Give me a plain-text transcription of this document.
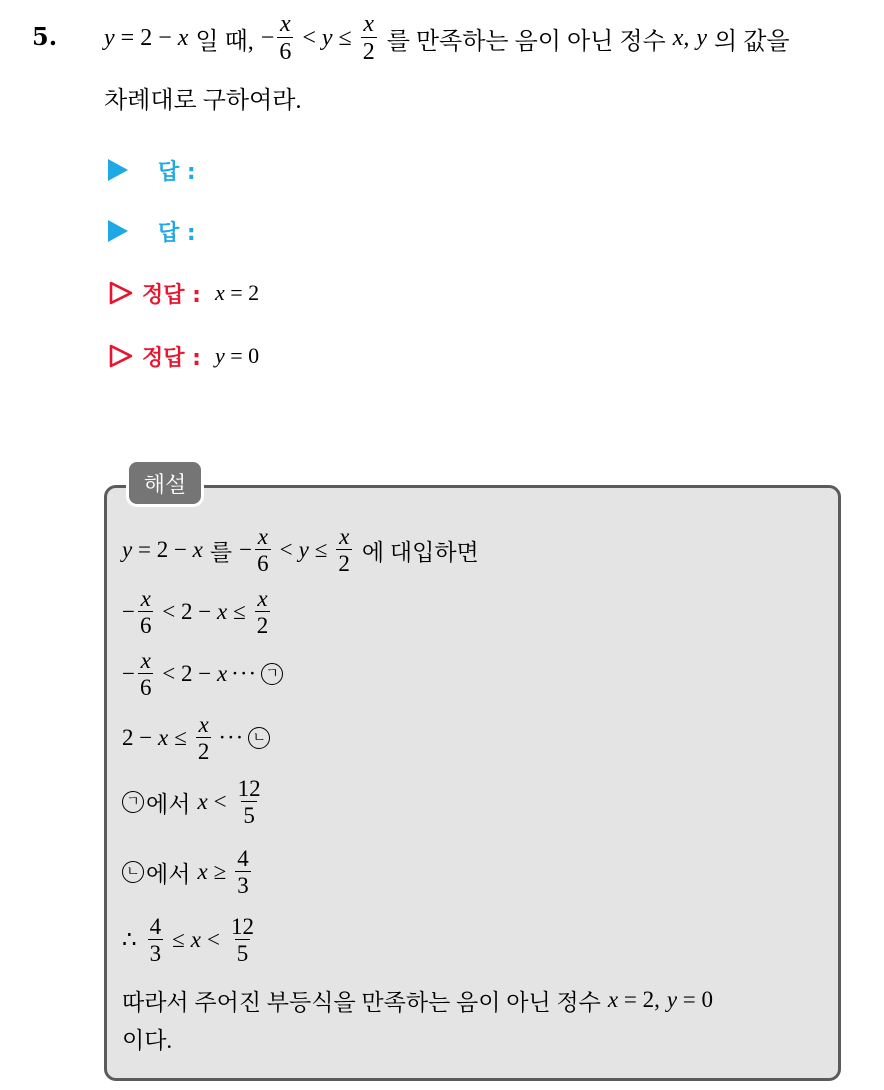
5. y = 2 − x 일 때, − $\frac{x}{6} < y \le \frac{x}{2}$ 를 만족하는 음이 아닌 정수 x, y 의 값을
차례대로 구하여라.
답 :
답 :
정답 : x = 2
정답 : y = 0
해설
y = 2 − x 를 − $\frac{x}{6} < y \le \frac{x}{2}$ 에 대입하면
− $\frac{x}{6} < 2 - x \le \frac{x}{2}$
− $\frac{x}{6} < 2 - x$ ··· ㄱ
$2 - x \le \frac{x}{2}$ ··· ㄴ
ㄱ 에서 $x < \frac{12}{5}$
ㄴ 에서 $x \ge \frac{4}{3}$
∴ $\frac{4}{3} \le x < \frac{12}{5}$
따라서 주어진 부등식을 만족하는 음이 아닌 정수 x = 2, y = 0
이다.
